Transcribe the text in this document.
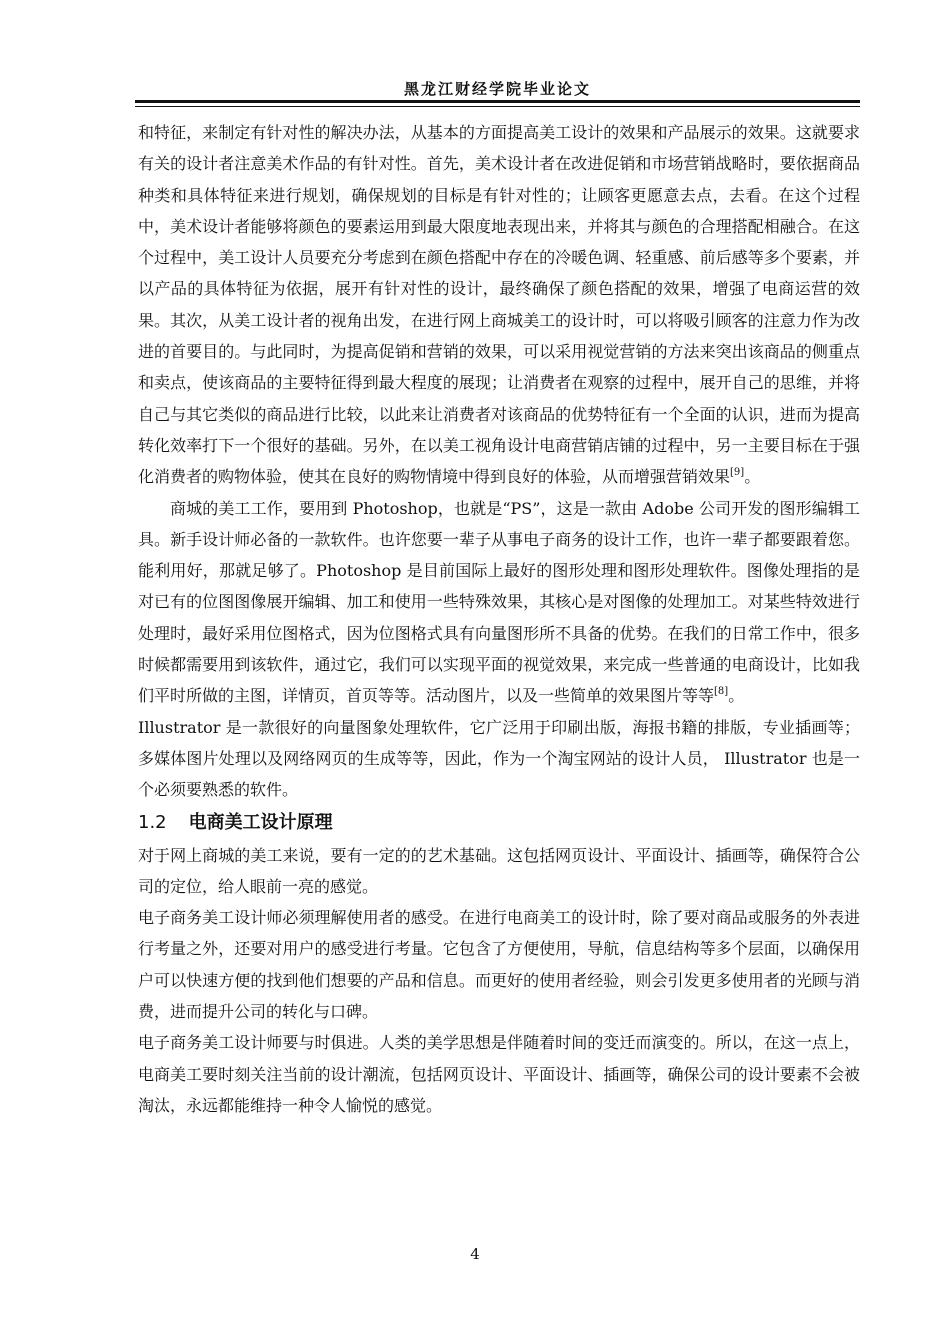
黑龙江财经学院毕业论文

和特征，来制定有针对性的解决办法，从基本的方面提高美工设计的效果和产品展示的效果。这就要求有关的设计者注意美术作品的有针对性。首先，美术设计者在改进促销和市场营销战略时，要依据商品种类和具体特征来进行规划，确保规划的目标是有针对性的；让顾客更愿意去点，去看。在这个过程中，美术设计者能够将颜色的要素运用到最大限度地表现出来，并将其与颜色的合理搭配相融合。在这个过程中，美工设计人员要充分考虑到在颜色搭配中存在的冷暖色调、轻重感、前后感等多个要素，并以产品的具体特征为依据，展开有针对性的设计，最终确保了颜色搭配的效果，增强了电商运营的效果。其次，从美工设计者的视角出发，在进行网上商城美工的设计时，可以将吸引顾客的注意力作为改进的首要目的。与此同时，为提高促销和营销的效果，可以采用视觉营销的方法来突出该商品的侧重点和卖点，使该商品的主要特征得到最大程度的展现；让消费者在观察的过程中，展开自己的思维，并将自己与其它类似的商品进行比较，以此来让消费者对该商品的优势特征有一个全面的认识，进而为提高转化效率打下一个很好的基础。另外，在以美工视角设计电商营销店铺的过程中，另一主要目标在于强化消费者的购物体验，使其在良好的购物情境中得到良好的体验，从而增强营销效果[9]。

商城的美工工作，要用到 Photoshop，也就是“PS”，这是一款由 Adobe 公司开发的图形编辑工具。新手设计师必备的一款软件。也许您要一辈子从事电子商务的设计工作，也许一辈子都要跟着您。能利用好，那就足够了。Photoshop 是目前国际上最好的图形处理和图形处理软件。图像处理指的是对已有的位图图像展开编辑、加工和使用一些特殊效果，其核心是对图像的处理加工。对某些特效进行处理时，最好采用位图格式，因为位图格式具有向量图形所不具备的优势。在我们的日常工作中，很多时候都需要用到该软件，通过它，我们可以实现平面的视觉效果，来完成一些普通的电商设计，比如我们平时所做的主图，详情页，首页等等。活动图片，以及一些简单的效果图片等等[8]。

Illustrator 是一款很好的向量图象处理软件，它广泛用于印刷出版，海报书籍的排版，专业插画等；多媒体图片处理以及网络网页的生成等等，因此，作为一个淘宝网站的设计人员， Illustrator 也是一个必须要熟悉的软件。

1.2 电商美工设计原理

对于网上商城的美工来说，要有一定的的艺术基础。这包括网页设计、平面设计、插画等，确保符合公司的定位，给人眼前一亮的感觉。

电子商务美工设计师必须理解使用者的感受。在进行电商美工的设计时，除了要对商品或服务的外表进行考量之外，还要对用户的感受进行考量。它包含了方便使用，导航，信息结构等多个层面，以确保用户可以快速方便的找到他们想要的产品和信息。而更好的使用者经验，则会引发更多使用者的光顾与消费，进而提升公司的转化与口碑。

电子商务美工设计师要与时俱进。人类的美学思想是伴随着时间的变迁而演变的。所以，在这一点上，电商美工要时刻关注当前的设计潮流，包括网页设计、平面设计、插画等，确保公司的设计要素不会被淘汰，永远都能维持一种令人愉悦的感觉。

4
